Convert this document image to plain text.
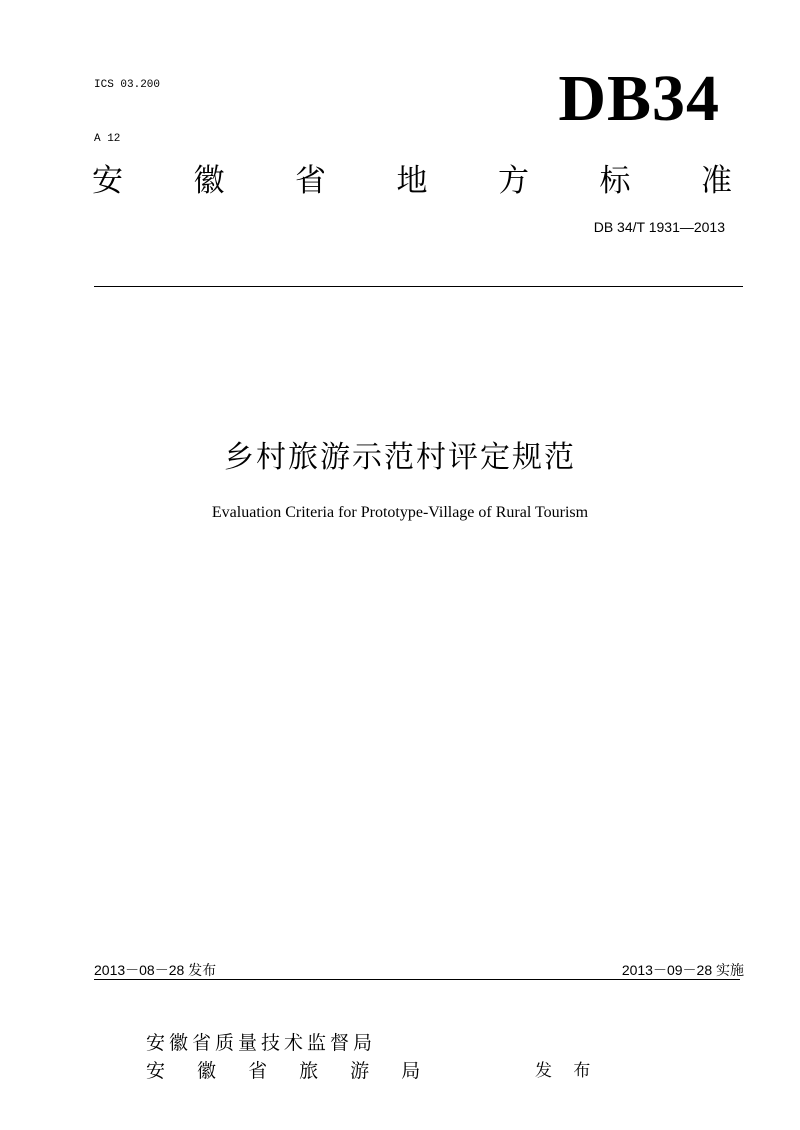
ICS 03.200

A 12

DB34
安 徽 省 地 方 标 准
DB 34/T 1931—2013
乡村旅游示范村评定规范
Evaluation Criteria for Prototype-Village of Rural Tourism
2013－08－28 发布	2013－09－28 实施
安徽省质量技术监督局
安 徽 省 旅 游 局	发 布
